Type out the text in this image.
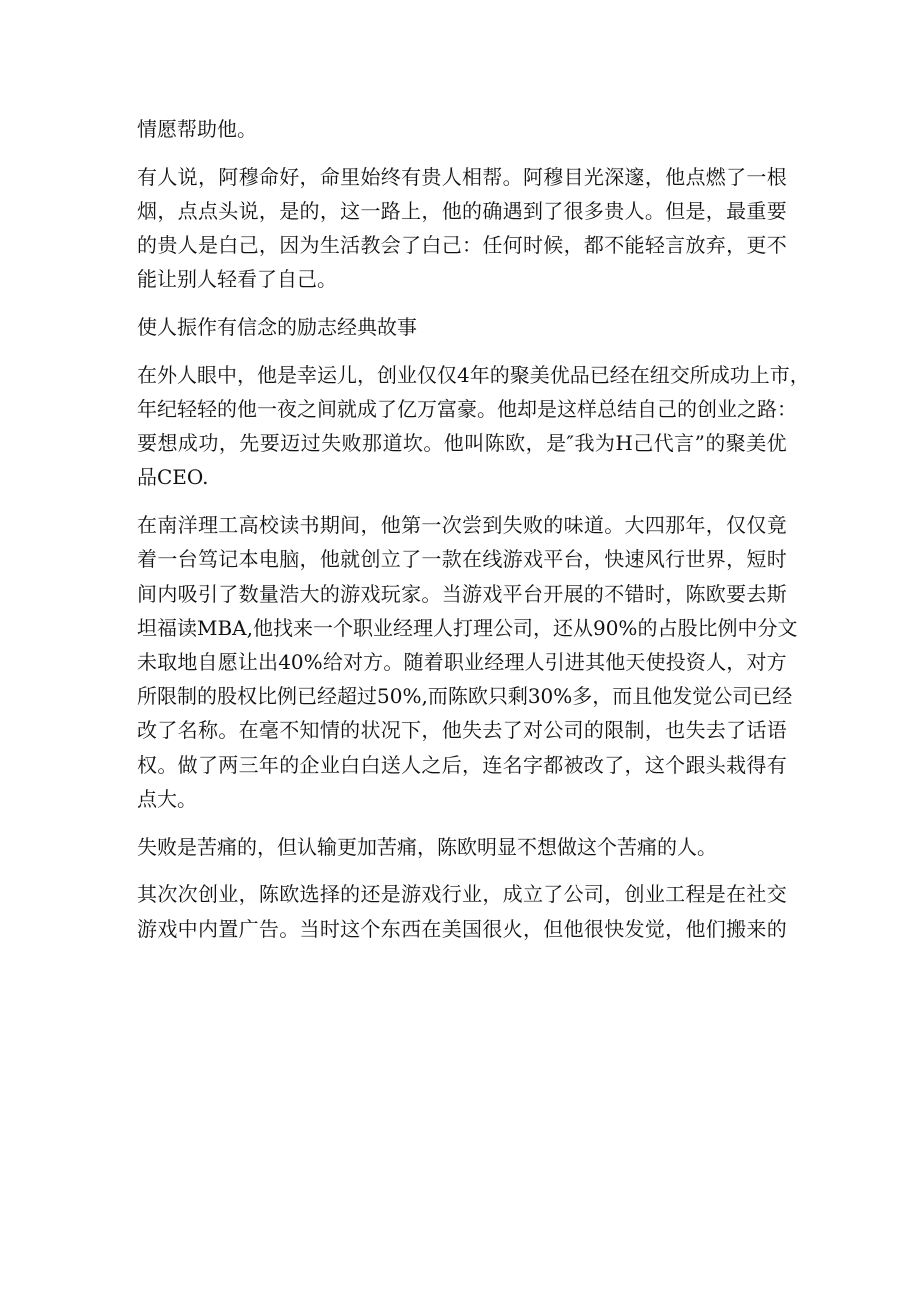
情愿帮助他。
有 人 说 ， 阿 穆 命 好 ， 命 里 始 终 有 贵 人 相 帮 。 阿 穆 目 光 深 邃 ， 他 点 燃 了 一 根
烟 ， 点 点 头 说 ， 是 的 ， 这 一 路 上 ， 他 的 确 遇 到 了 很 多 贵 人 。 但 是 ， 最 重 要
的 贵 人 是 白 己 ， 因 为 生 活 教 会 了 白 己 ： 任 何 时 候 ， 都 不 能 轻 言 放 弃 ， 更 不
能让别人轻看了自己。
使人振作有信念的励志经典故事
在 外 人 眼 中 ， 他 是 幸 运 儿 ， 创 业 仅 仅 4 年 的 聚 美 优 品 已 经 在 纽 交 所 成 功 上 市 ，
年 纪 轻 轻 的 他 一 夜 之 间 就 成 了 亿 万 富 豪 。 他 却 是 这 样 总 结 自 己 的 创 业 之 路 ：
要 想 成 功 ， 先 要 迈 过 失 败 那 道 坎 。 他 叫 陈 欧 ， 是 ″ 我 为 H 己 代 言 ” 的 聚 美 优
品CEO.
在 南 洋 理 工 高 校 读 书 期 间 ， 他 第 一 次 尝 到 失 败 的 味 道 。 大 四 那 年 ， 仅 仅 竟
着 一 台 笃 记 本 电 脑 ， 他 就 创 立 了 一 款 在 线 游 戏 平 台 ， 快 速 风 行 世 界 ， 短 时
间 内 吸 引 了 数 量 浩 大 的 游 戏 玩 家 。 当 游 戏 平 台 开 展 的 不 错 时 ， 陈 欧 要 去 斯
坦 福 读 MBA, 他 找 来 一 个 职 业 经 理 人 打 理 公 司 ， 还 从 90% 的 占 股 比 例 中 分 文
未 取 地 自 愿 让 出 40% 给 对 方 。 随 着 职 业 经 理 人 引 进 其 他 天 使 投 资 人 ， 对 方
所 限 制 的 股 权 比 例 已 经 超 过 50%, 而 陈 欧 只 剩 30% 多 ， 而 且 他 发 觉 公 司 已 经
改 了 名 称 。 在 毫 不 知 情 的 状 况 下 ， 他 失 去 了 对 公 司 的 限 制 ， 也 失 去 了 话 语
权 。 做 了 两 三 年 的 企 业 白 白 送 人 之 后 ， 连 名 字 都 被 改 了 ， 这 个 跟 头 栽 得 有
点大。
失败是苦痛的，但认输更加苦痛，陈欧明显不想做这个苦痛的人。
其 次 次 创 业 ， 陈 欧 选 择 的 还 是 游 戏 行 业 ， 成 立 了 公 司 ， 创 业 工 程 是 在 社 交
游 戏 中 内 置 广 告 。 当 时 这 个 东 西 在 美 国 很 火 ， 但 他 很 快 发 觉 ， 他 们 搬 来 的
